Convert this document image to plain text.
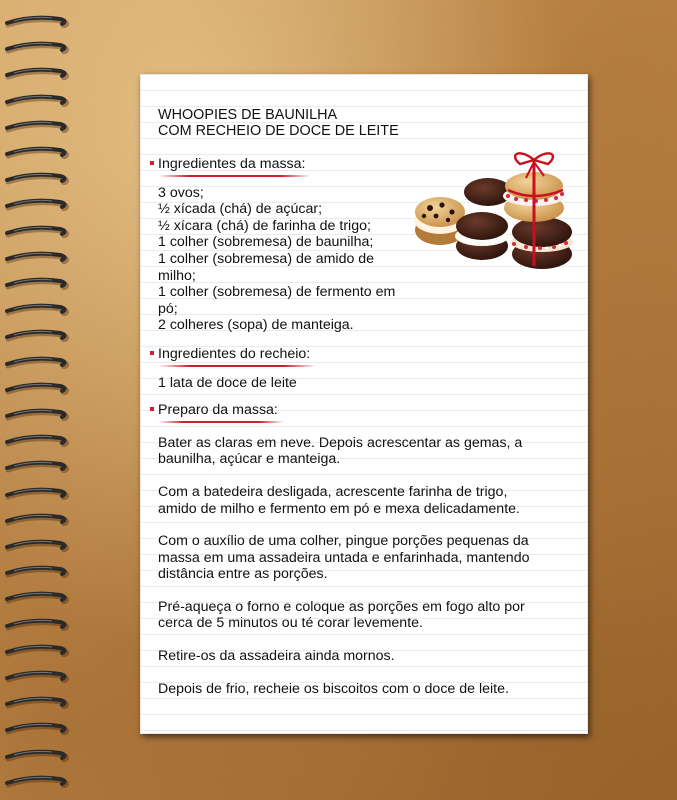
WHOOPIES DE BAUNILHA
COM RECHEIO DE DOCE DE LEITE
Ingredientes da massa:
3 ovos;
½ xícada (chá) de açúcar;
½ xícara (chá) de farinha de trigo;
1 colher (sobremesa) de baunilha;
1 colher (sobremesa) de amido de
milho;
1 colher (sobremesa) de fermento em
pó;
2 colheres (sopa) de manteiga.
Ingredientes do recheio:
1 lata de doce de leite
Preparo da massa:
Bater as claras em neve. Depois acrescentar as gemas, a
baunilha, açúcar e manteiga.
Com a batedeira desligada, acrescente farinha de trigo,
amido de milho e fermento em pó e mexa delicadamente.
Com o auxílio de uma colher, pingue porções pequenas da
massa em uma assadeira untada e enfarinhada, mantendo
distância entre as porções.
Pré-aqueça o forno e coloque as porções em fogo alto por
cerca de 5 minutos ou té corar levemente.
Retire-os da assadeira ainda mornos.
Depois de frio, recheie os biscoitos com o doce de leite.
